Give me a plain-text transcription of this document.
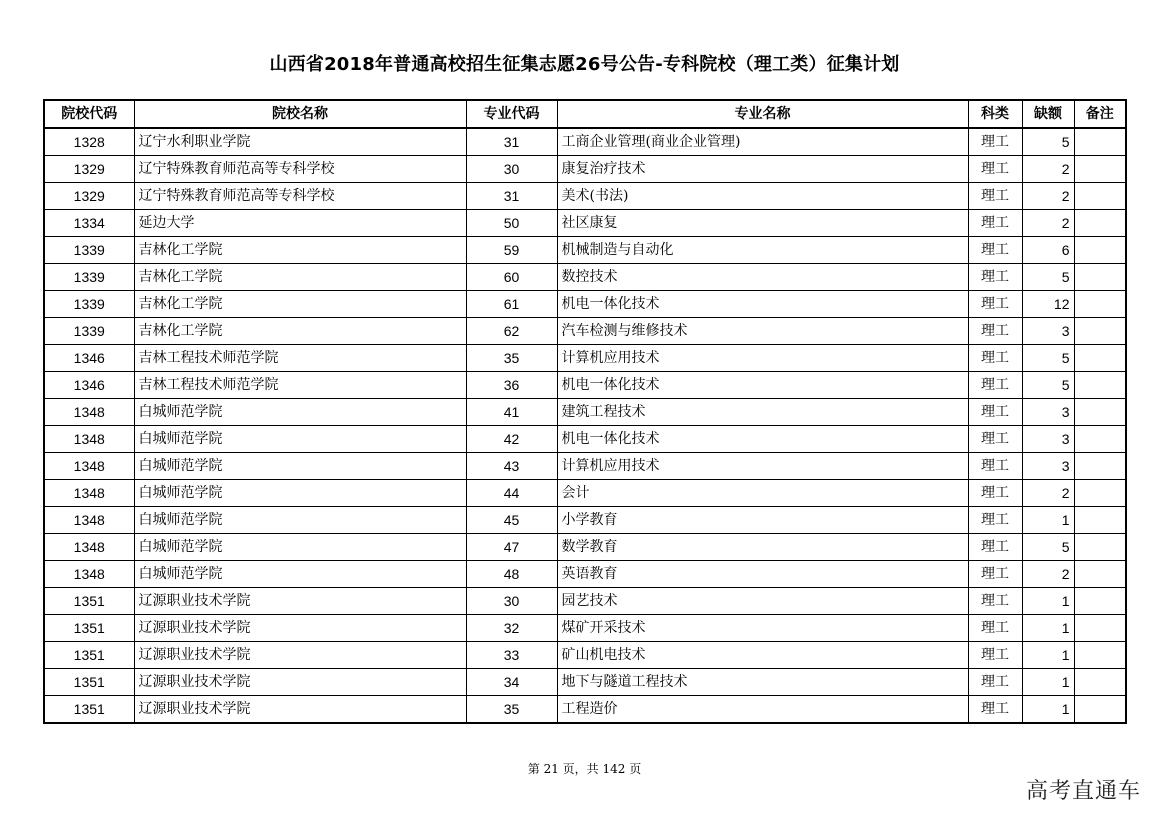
山西省2018年普通高校招生征集志愿26号公告-专科院校（理工类）征集计划
院校代码	院校名称	专业代码	专业名称	科类	缺额	备注
1328	辽宁水利职业学院	31	工商企业管理(商业企业管理)	理工	5	
1329	辽宁特殊教育师范高等专科学校	30	康复治疗技术	理工	2	
1329	辽宁特殊教育师范高等专科学校	31	美术(书法)	理工	2	
1334	延边大学	50	社区康复	理工	2	
1339	吉林化工学院	59	机械制造与自动化	理工	6	
1339	吉林化工学院	60	数控技术	理工	5	
1339	吉林化工学院	61	机电一体化技术	理工	12	
1339	吉林化工学院	62	汽车检测与维修技术	理工	3	
1346	吉林工程技术师范学院	35	计算机应用技术	理工	5	
1346	吉林工程技术师范学院	36	机电一体化技术	理工	5	
1348	白城师范学院	41	建筑工程技术	理工	3	
1348	白城师范学院	42	机电一体化技术	理工	3	
1348	白城师范学院	43	计算机应用技术	理工	3	
1348	白城师范学院	44	会计	理工	2	
1348	白城师范学院	45	小学教育	理工	1	
1348	白城师范学院	47	数学教育	理工	5	
1348	白城师范学院	48	英语教育	理工	2	
1351	辽源职业技术学院	30	园艺技术	理工	1	
1351	辽源职业技术学院	32	煤矿开采技术	理工	1	
1351	辽源职业技术学院	33	矿山机电技术	理工	1	
1351	辽源职业技术学院	34	地下与隧道工程技术	理工	1	
1351	辽源职业技术学院	35	工程造价	理工	1	
第 21 页，共 142 页
高考直通车
